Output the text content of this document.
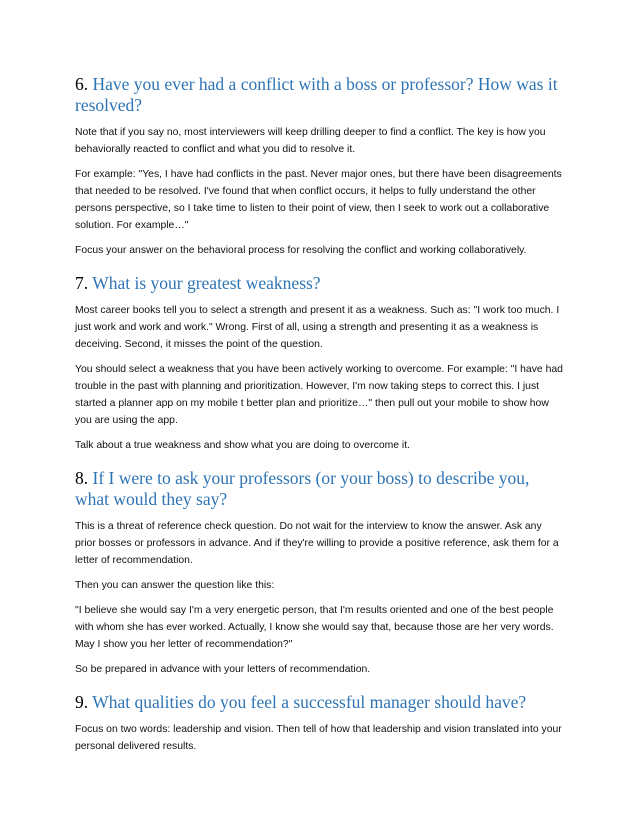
6. Have you ever had a conflict with a boss or professor? How was it resolved?

Note that if you say no, most interviewers will keep drilling deeper to find a conflict. The key is how you behaviorally reacted to conflict and what you did to resolve it.

For example: "Yes, I have had conflicts in the past. Never major ones, but there have been disagreements that needed to be resolved. I've found that when conflict occurs, it helps to fully understand the other persons perspective, so I take time to listen to their point of view, then I seek to work out a collaborative solution. For example…"

Focus your answer on the behavioral process for resolving the conflict and working collaboratively.

7. What is your greatest weakness?

Most career books tell you to select a strength and present it as a weakness. Such as: "I work too much. I just work and work and work." Wrong. First of all, using a strength and presenting it as a weakness is deceiving. Second, it misses the point of the question.

You should select a weakness that you have been actively working to overcome. For example: "I have had trouble in the past with planning and prioritization. However, I'm now taking steps to correct this. I just started a planner app on my mobile t better plan and prioritize…" then pull out your mobile to show how you are using the app.

Talk about a true weakness and show what you are doing to overcome it.

8. If I were to ask your professors (or your boss) to describe you, what would they say?

This is a threat of reference check question. Do not wait for the interview to know the answer. Ask any prior bosses or professors in advance. And if they're willing to provide a positive reference, ask them for a letter of recommendation.

Then you can answer the question like this:

"I believe she would say I'm a very energetic person, that I'm results oriented and one of the best people with whom she has ever worked. Actually, I know she would say that, because those are her very words. May I show you her letter of recommendation?"

So be prepared in advance with your letters of recommendation.

9. What qualities do you feel a successful manager should have?

Focus on two words: leadership and vision. Then tell of how that leadership and vision translated into your personal delivered results.
